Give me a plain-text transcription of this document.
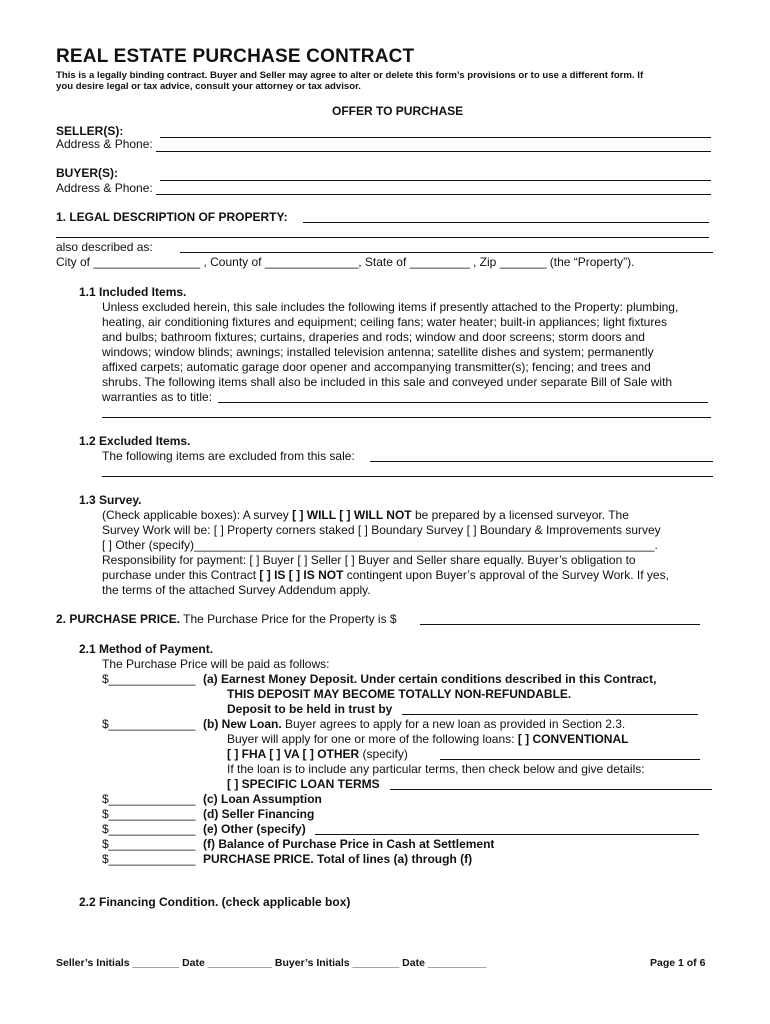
REAL ESTATE PURCHASE CONTRACT
This is a legally binding contract. Buyer and Seller may agree to alter or delete this form’s provisions or to use a different form. If
you desire legal or tax advice, consult your attorney or tax advisor.
OFFER TO PURCHASE
SELLER(S):
Address & Phone:
BUYER(S):
Address & Phone:
1. LEGAL DESCRIPTION OF PROPERTY:
also described as:
City of ________________ , County of ______________, State of _________ , Zip _______ (the “Property”).
1.1 Included Items.
Unless excluded herein, this sale includes the following items if presently attached to the Property: plumbing,
heating, air conditioning fixtures and equipment; ceiling fans; water heater; built-in appliances; light fixtures
and bulbs; bathroom fixtures; curtains, draperies and rods; window and door screens; storm doors and
windows; window blinds; awnings; installed television antenna; satellite dishes and system; permanently
affixed carpets; automatic garage door opener and accompanying transmitter(s); fencing; and trees and
shrubs. The following items shall also be included in this sale and conveyed under separate Bill of Sale with
warranties as to title:
1.2 Excluded Items.
The following items are excluded from this sale:
1.3 Survey.
(Check applicable boxes): A survey [ ] WILL [ ] WILL NOT be prepared by a licensed surveyor. The
Survey Work will be: [ ] Property corners staked [ ] Boundary Survey [ ] Boundary & Improvements survey
[ ] Other (specify)_____________________________________________________________________.
Responsibility for payment: [ ] Buyer [ ] Seller [ ] Buyer and Seller share equally. Buyer’s obligation to
purchase under this Contract [ ] IS [ ] IS NOT contingent upon Buyer’s approval of the Survey Work. If yes,
the terms of the attached Survey Addendum apply.
2. PURCHASE PRICE. The Purchase Price for the Property is $
2.1 Method of Payment.
The Purchase Price will be paid as follows:
$_____________ (a) Earnest Money Deposit. Under certain conditions described in this Contract,
THIS DEPOSIT MAY BECOME TOTALLY NON-REFUNDABLE.
Deposit to be held in trust by
$_____________ (b) New Loan. Buyer agrees to apply for a new loan as provided in Section 2.3.
Buyer will apply for one or more of the following loans: [ ] CONVENTIONAL
[ ] FHA [ ] VA [ ] OTHER (specify)
If the loan is to include any particular terms, then check below and give details:
[ ] SPECIFIC LOAN TERMS
$_____________ (c) Loan Assumption
$_____________ (d) Seller Financing
$_____________ (e) Other (specify)
$_____________ (f) Balance of Purchase Price in Cash at Settlement
$_____________ PURCHASE PRICE. Total of lines (a) through (f)
2.2 Financing Condition. (check applicable box)
Seller’s Initials ________ Date ___________ Buyer’s Initials ________ Date __________	Page 1 of 6
